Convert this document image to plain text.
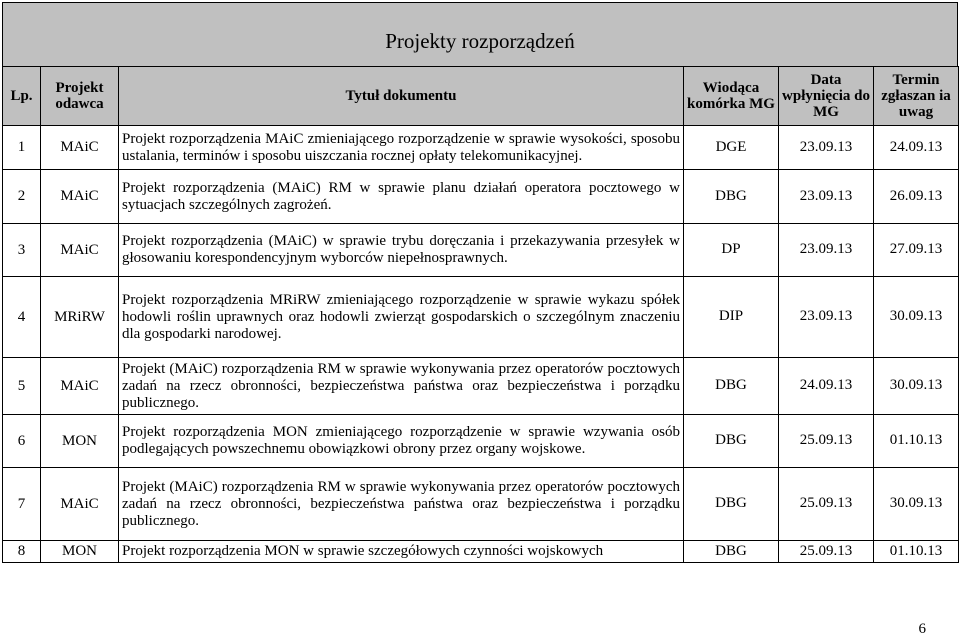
Projekty rozporządzeń
Lp.	Projekt odawca	Tytuł dokumentu	Wiodąca komórka MG	Data wpłynięcia do MG	Termin zgłaszan ia uwag

1	MAiC	Projekt rozporządzenia MAiC zmieniającego rozporządzenie w sprawie wysokości, sposobu ustalania, terminów i sposobu uiszczania rocznej opłaty telekomunikacyjnej.	DGE	23.09.13	24.09.13

2	MAiC	Projekt rozporządzenia (MAiC) RM w sprawie planu działań operatora pocztowego w sytuacjach szczególnych zagrożeń.	DBG	23.09.13	26.09.13

3	MAiC	Projekt rozporządzenia (MAiC) w sprawie trybu doręczania i przekazywania przesyłek w głosowaniu korespondencyjnym wyborców niepełnosprawnych.	DP	23.09.13	27.09.13

4	MRiRW	Projekt rozporządzenia MRiRW zmieniającego rozporządzenie w sprawie wykazu spółek hodowli roślin uprawnych oraz hodowli zwierząt gospodarskich o szczególnym znaczeniu dla gospodarki narodowej.	DIP	23.09.13	30.09.13

5	MAiC	Projekt (MAiC) rozporządzenia RM w sprawie wykonywania przez operatorów pocztowych zadań na rzecz obronności, bezpieczeństwa państwa oraz bezpieczeństwa i porządku publicznego.	DBG	24.09.13	30.09.13

6	MON	Projekt rozporządzenia MON zmieniającego rozporządzenie w sprawie wzywania osób podlegających powszechnemu obowiązkowi obrony przez organy wojskowe.	DBG	25.09.13	01.10.13

7	MAiC	Projekt (MAiC) rozporządzenia RM w sprawie wykonywania przez operatorów pocztowych zadań na rzecz obronności, bezpieczeństwa państwa oraz bezpieczeństwa i porządku publicznego.	DBG	25.09.13	30.09.13

8	MON	Projekt rozporządzenia MON w sprawie szczegółowych czynności wojskowych	DBG	25.09.13	01.10.13
6
